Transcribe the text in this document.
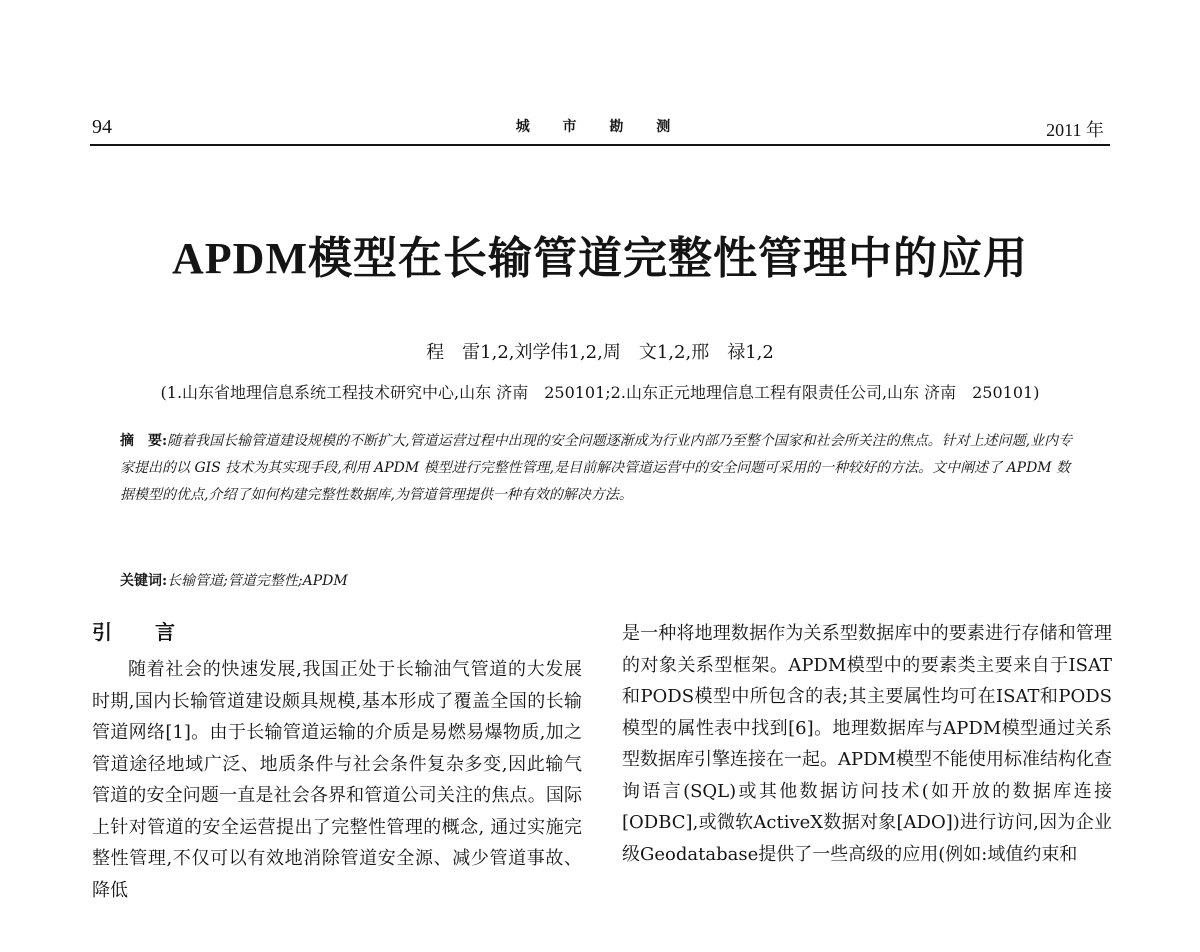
94	城 市 勘 测	2011 年
APDM模型在长输管道完整性管理中的应用
程　雷1,2,刘学伟1,2,周　文1,2,邢　禄1,2
(1.山东省地理信息系统工程技术研究中心,山东 济南　250101;2.山东正元地理信息工程有限责任公司,山东 济南　250101)
摘　要:随着我国长输管道建设规模的不断扩大,管道运营过程中出现的安全问题逐渐成为行业内部乃至整个国家和社会所关注的焦点。针对上述问题,业内专家提出的以 GIS 技术为其实现手段,利用 APDM 模型进行完整性管理,是目前解决管道运营中的安全问题可采用的一种较好的方法。文中阐述了 APDM 数据模型的优点,介绍了如何构建完整性数据库,为管道管理提供一种有效的解决方法。
关键词:长输管道;管道完整性;APDM
引 言
随着社会的快速发展,我国正处于长输油气管道的大发展时期,国内长输管道建设颇具规模,基本形成了覆盖全国的长输管道网络[1]。由于长输管道运输的介质是易燃易爆物质,加之管道途径地域广泛、地质条件与社会条件复杂多变,因此输气管道的安全问题一直是社会各界和管道公司关注的焦点。国际上针对管道的安全运营提出了完整性管理的概念, 通过实施完整性管理,不仅可以有效地消除管道安全源、减少管道事故、降低
是一种将地理数据作为关系型数据库中的要素进行存储和管理的对象关系型框架。APDM模型中的要素类主要来自于ISAT和PODS模型中所包含的表;其主要属性均可在ISAT和PODS模型的属性表中找到[6]。地理数据库与APDM模型通过关系型数据库引擎连接在一起。APDM模型不能使用标准结构化查询语言(SQL)或其他数据访问技术(如开放的数据库连接[ODBC],或微软ActiveX数据对象[ADO])进行访问,因为企业级Geodatabase提供了一些高级的应用(例如:域值约束和
